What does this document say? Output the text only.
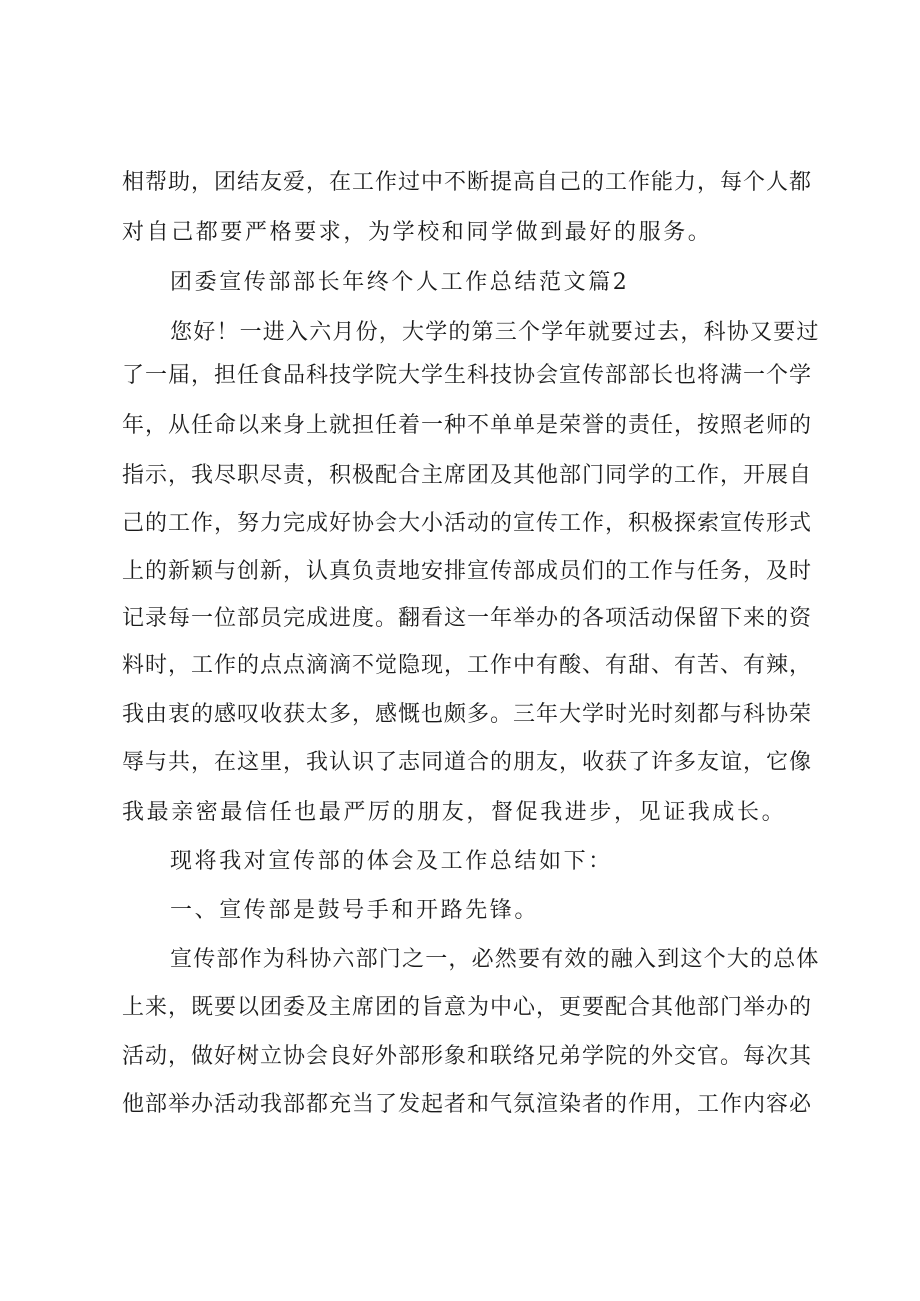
相帮助，团结友爱，在工作过中不断提高自己的工作能力，每个人都
对自己都要严格要求，为学校和同学做到最好的服务。
团委宣传部部长年终个人工作总结范文篇2
您好！一进入六月份，大学的第三个学年就要过去，科协又要过
了一届，担任食品科技学院大学生科技协会宣传部部长也将满一个学
年，从任命以来身上就担任着一种不单单是荣誉的责任，按照老师的
指示，我尽职尽责，积极配合主席团及其他部门同学的工作，开展自
己的工作，努力完成好协会大小活动的宣传工作，积极探索宣传形式
上的新颖与创新，认真负责地安排宣传部成员们的工作与任务，及时
记录每一位部员完成进度。翻看这一年举办的各项活动保留下来的资
料时，工作的点点滴滴不觉隐现，工作中有酸、有甜、有苦、有辣，
我由衷的感叹收获太多，感慨也颇多。三年大学时光时刻都与科协荣
辱与共，在这里，我认识了志同道合的朋友，收获了许多友谊，它像
我最亲密最信任也最严厉的朋友，督促我进步，见证我成长。
现将我对宣传部的体会及工作总结如下：
一、宣传部是鼓号手和开路先锋。
宣传部作为科协六部门之一，必然要有效的融入到这个大的总体
上来，既要以团委及主席团的旨意为中心，更要配合其他部门举办的
活动，做好树立协会良好外部形象和联络兄弟学院的外交官。每次其
他部举办活动我部都充当了发起者和气氛渲染者的作用，工作内容必
